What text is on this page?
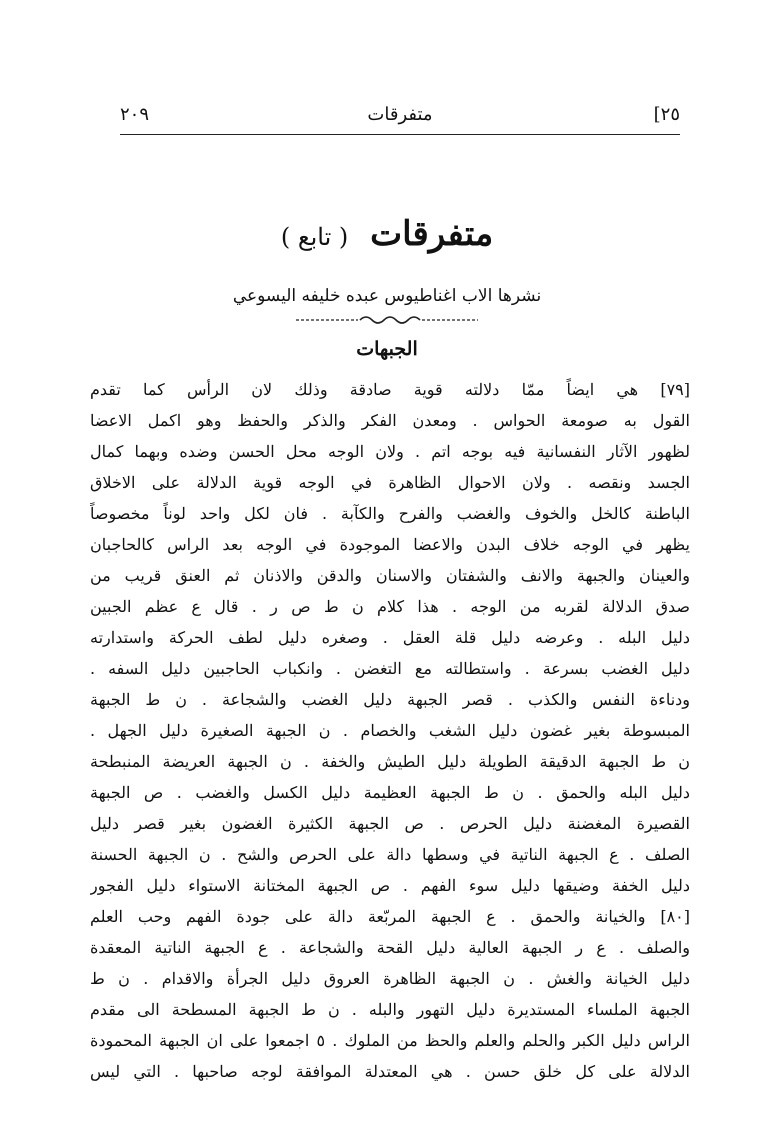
۲۰۹	متفرقات	[۲٥
متفرقات ( تابع )
نشرها الاب اغناطيوس عبده خليفه اليسوعي
الجبهات
[۷۹] هي ايضاً ممّا دلالته قوية صادقة وذلك لان الرأس كما تقدم
القول به صومعة الحواس . ومعدن الفكر والذكر والحفظ وهو اكمل الاعضا
لظهور الآثار النفسانية فيه بوجه اتم . ولان الوجه محل الحسن وضده وبهما كمال
الجسد ونقصه . ولان الاحوال الظاهرة في الوجه قوية الدلالة على الاخلاق
الباطنة كالخل والخوف والغضب والفرح والكآبة . فان لكل واحد لوناً مخصوصاً
يظهر في الوجه خلاف البدن والاعضا الموجودة في الوجه بعد الراس كالحاجبان
والعينان والجبهة والانف والشفتان والاسنان والدقن والاذنان ثم العنق قريب من
صدق الدلالة لقربه من الوجه . هذا كلام ن ط ص ر . قال ع عظم الجبين
دليل البله . وعرضه دليل قلة العقل . وصغره دليل لطف الحركة واستدارته
دليل الغضب بسرعة . واستطالته مع التغضن . وانكباب الحاجبين دليل السفه .
ودناءة النفس والكذب . قصر الجبهة دليل الغضب والشجاعة . ن ط الجبهة
المبسوطة بغير غضون دليل الشغب والخصام . ن الجبهة الصغيرة دليل الجهل .
ن ط الجبهة الدقيقة الطويلة دليل الطيش والخفة . ن الجبهة العريضة المنبطحة
دليل البله والحمق . ن ط الجبهة العظيمة دليل الكسل والغضب . ص الجبهة
القصيرة المغضنة دليل الحرص . ص الجبهة الكثيرة الغضون بغير قصر دليل
الصلف . ع الجبهة الناتية في وسطها دالة على الحرص والشح . ن الجبهة الحسنة
دليل الخفة وضيقها دليل سوء الفهم . ص الجبهة المختانة الاستواء دليل الفجور
[۸۰] والخيانة والحمق . ع الجبهة المربّعة دالة على جودة الفهم وحب العلم
والصلف . ع ر الجبهة العالية دليل القحة والشجاعة . ع الجبهة الناتية المعقدة
دليل الخيانة والغش . ن الجبهة الظاهرة العروق دليل الجرأة والاقدام . ن ط
الجبهة الملساء المستديرة دليل التهور والبله . ن ط الجبهة المسطحة الى مقدم
الراس دليل الكبر والحلم والعلم والحظ من الملوك . ٥ اجمعوا على ان الجبهة المحمودة
الدلالة على كل خلق حسن . هي المعتدلة الموافقة لوجه صاحبها . التي ليس
